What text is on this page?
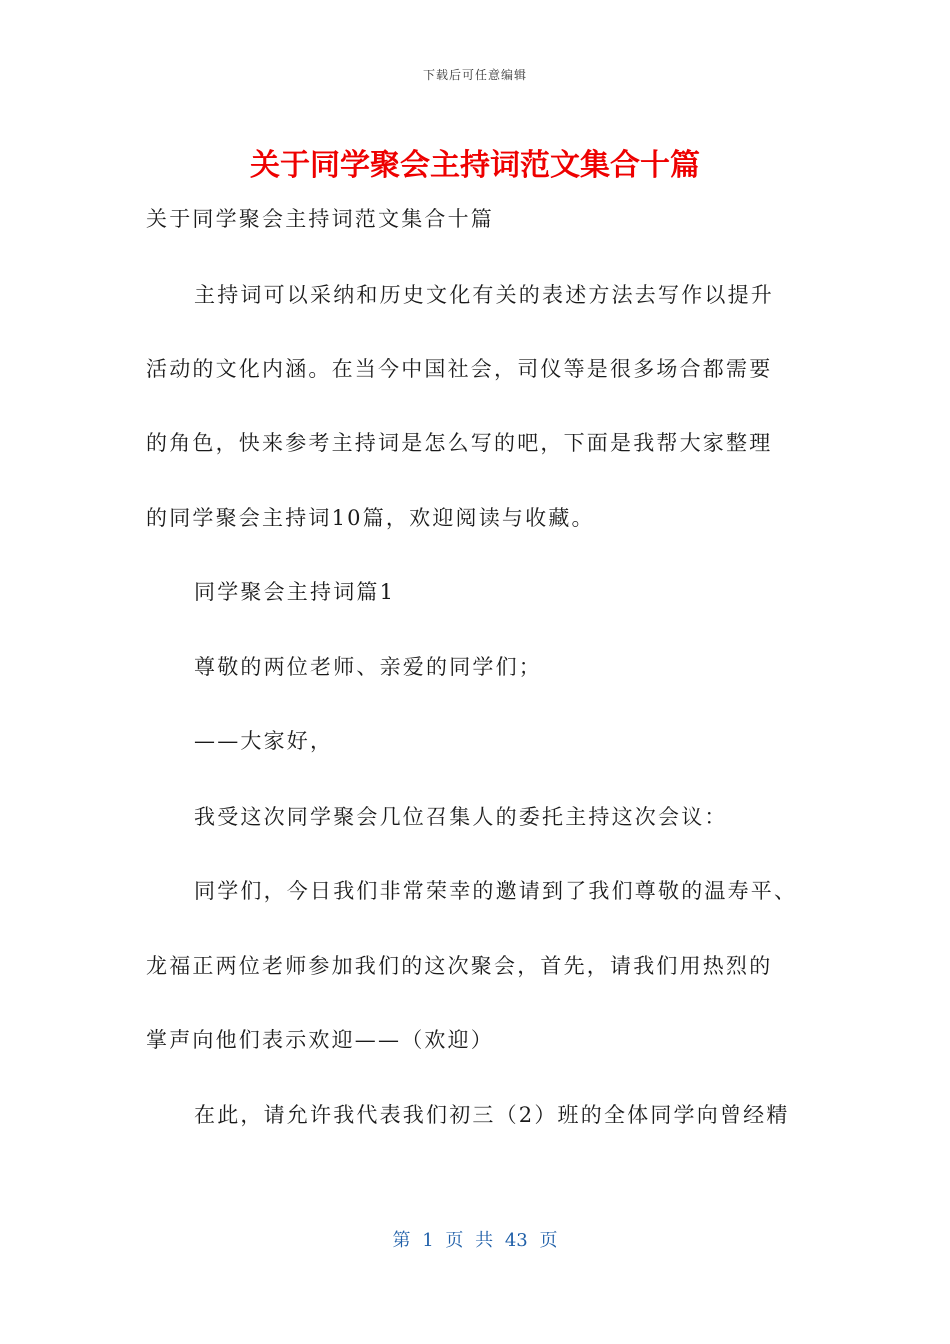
下载后可任意编辑
关于同学聚会主持词范文集合十篇

关于同学聚会主持词范文集合十篇

主持词可以采纳和历史文化有关的表述方法去写作以提升

活动的文化内涵。在当今中国社会，司仪等是很多场合都需要

的角色，快来参考主持词是怎么写的吧，下面是我帮大家整理

的同学聚会主持词10篇，欢迎阅读与收藏。

同学聚会主持词篇1

尊敬的两位老师、亲爱的同学们；

——大家好，

我受这次同学聚会几位召集人的委托主持这次会议：

同学们，今日我们非常荣幸的邀请到了我们尊敬的温寿平、

龙福正两位老师参加我们的这次聚会，首先，请我们用热烈的

掌声向他们表示欢迎——（欢迎）

在此，请允许我代表我们初三（2）班的全体同学向曾经精

第 1 页 共 43 页
